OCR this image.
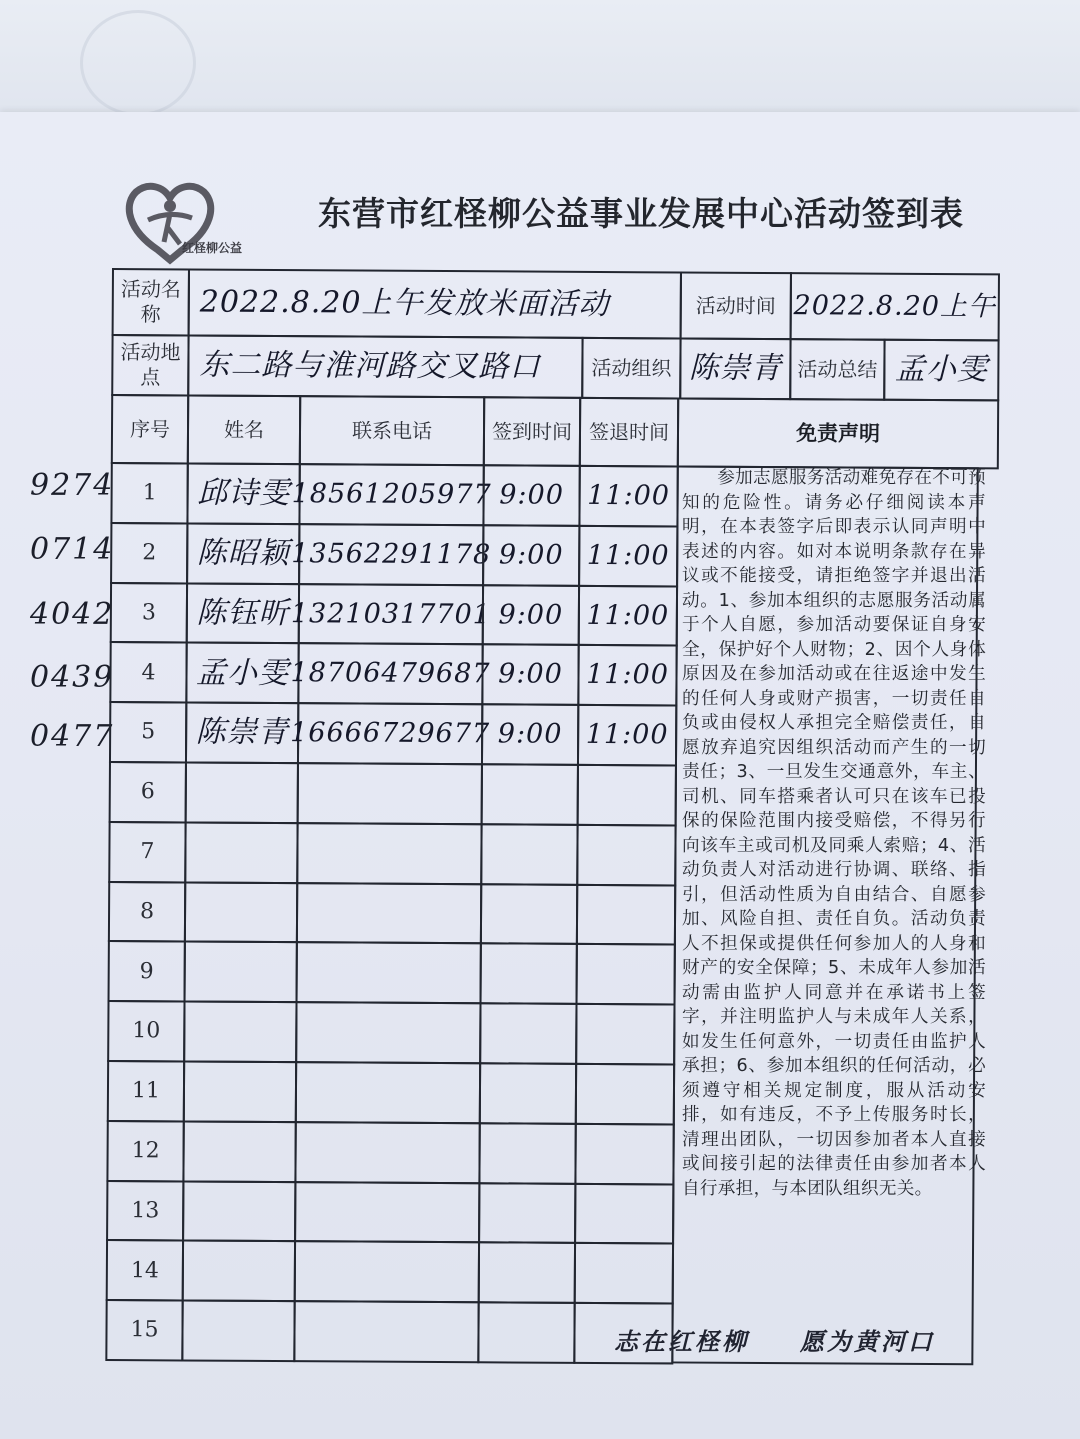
红柽柳公益
东营市红柽柳公益事业发展中心活动签到表
9274
0714
4042
0439
0477
活动名称	2022.8.20上午发放米面活动	活动时间 2022.8.20上午
活动地点	东二路与淮河路交叉路口	活动组织 陈崇青 活动总结 孟小雯
序号	姓名	联系电话	签到时间 签退时间	免责声明
1	邱诗雯 18561205977 9:00 11:00
2	陈昭颖 13562291178 9:00 11:00
3	陈钰昕 13210317701 9:00 11:00
4	孟小雯 18706479687 9:00 11:00
5	陈崇青 16666729677 9:00 11:00
6
7
8
9
10
11
12
13
14
15

参加志愿服务活动难免存在不可预知的危险性。请务必仔细阅读本声明，在本表签字后即表示认同声明中表述的内容。如对本说明条款存在异议或不能接受，请拒绝签字并退出活动。1、参加本组织的志愿服务活动属于个人自愿，参加活动要保证自身安全，保护好个人财物；2、因个人身体原因及在参加活动或在往返途中发生的任何人身或财产损害，一切责任自负或由侵权人承担完全赔偿责任，自愿放弃追究因组织活动而产生的一切责任；3、一旦发生交通意外，车主、司机、同车搭乘者认可只在该车已投保的保险范围内接受赔偿，不得另行向该车主或司机及同乘人索赔；4、活动负责人对活动进行协调、联络、指引，但活动性质为自由结合、自愿参加、风险自担、责任自负。活动负责人不担保或提供任何参加人的人身和财产的安全保障；5、未成年人参加活动需由监护人同意并在承诺书上签字，并注明监护人与未成年人关系，如发生任何意外，一切责任由监护人承担；6、参加本组织的任何活动，必须遵守相关规定制度，服从活动安排，如有违反，不予上传服务时长，清理出团队，一切因参加者本人直接或间接引起的法律责任由参加者本人自行承担，与本团队组织无关。

志在红柽柳 愿为黄河口
